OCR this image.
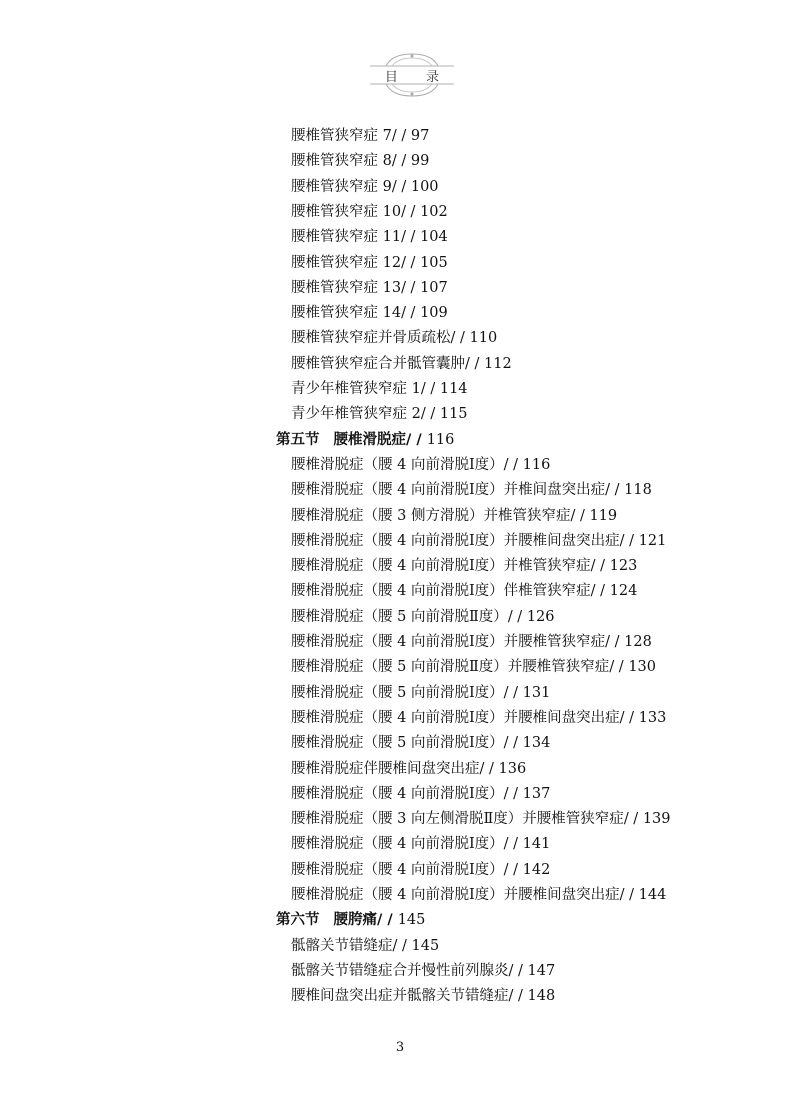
目 录
腰椎管狭窄症 7/ / 97
腰椎管狭窄症 8/ / 99
腰椎管狭窄症 9/ / 100
腰椎管狭窄症 10/ / 102
腰椎管狭窄症 11/ / 104
腰椎管狭窄症 12/ / 105
腰椎管狭窄症 13/ / 107
腰椎管狭窄症 14/ / 109
腰椎管狭窄症并骨质疏松/ / 110
腰椎管狭窄症合并骶管囊肿/ / 112
青少年椎管狭窄症 1/ / 114
青少年椎管狭窄症 2/ / 115
第五节 腰椎滑脱症/ / 116
腰椎滑脱症（腰 4 向前滑脱Ⅰ度）/ / 116
腰椎滑脱症（腰 4 向前滑脱Ⅰ度）并椎间盘突出症/ / 118
腰椎滑脱症（腰 3 侧方滑脱）并椎管狭窄症/ / 119
腰椎滑脱症（腰 4 向前滑脱Ⅰ度）并腰椎间盘突出症/ / 121
腰椎滑脱症（腰 4 向前滑脱Ⅰ度）并椎管狭窄症/ / 123
腰椎滑脱症（腰 4 向前滑脱Ⅰ度）伴椎管狭窄症/ / 124
腰椎滑脱症（腰 5 向前滑脱Ⅱ度）/ / 126
腰椎滑脱症（腰 4 向前滑脱Ⅰ度）并腰椎管狭窄症/ / 128
腰椎滑脱症（腰 5 向前滑脱Ⅱ度）并腰椎管狭窄症/ / 130
腰椎滑脱症（腰 5 向前滑脱Ⅰ度）/ / 131
腰椎滑脱症（腰 4 向前滑脱Ⅰ度）并腰椎间盘突出症/ / 133
腰椎滑脱症（腰 5 向前滑脱Ⅰ度）/ / 134
腰椎滑脱症伴腰椎间盘突出症/ / 136
腰椎滑脱症（腰 4 向前滑脱Ⅰ度）/ / 137
腰椎滑脱症（腰 3 向左侧滑脱Ⅱ度）并腰椎管狭窄症/ / 139
腰椎滑脱症（腰 4 向前滑脱Ⅰ度）/ / 141
腰椎滑脱症（腰 4 向前滑脱Ⅰ度）/ / 142
腰椎滑脱症（腰 4 向前滑脱Ⅰ度）并腰椎间盘突出症/ / 144
第六节 腰胯痛/ / 145
骶髂关节错缝症/ / 145
骶髂关节错缝症合并慢性前列腺炎/ / 147
腰椎间盘突出症并骶髂关节错缝症/ / 148
3
